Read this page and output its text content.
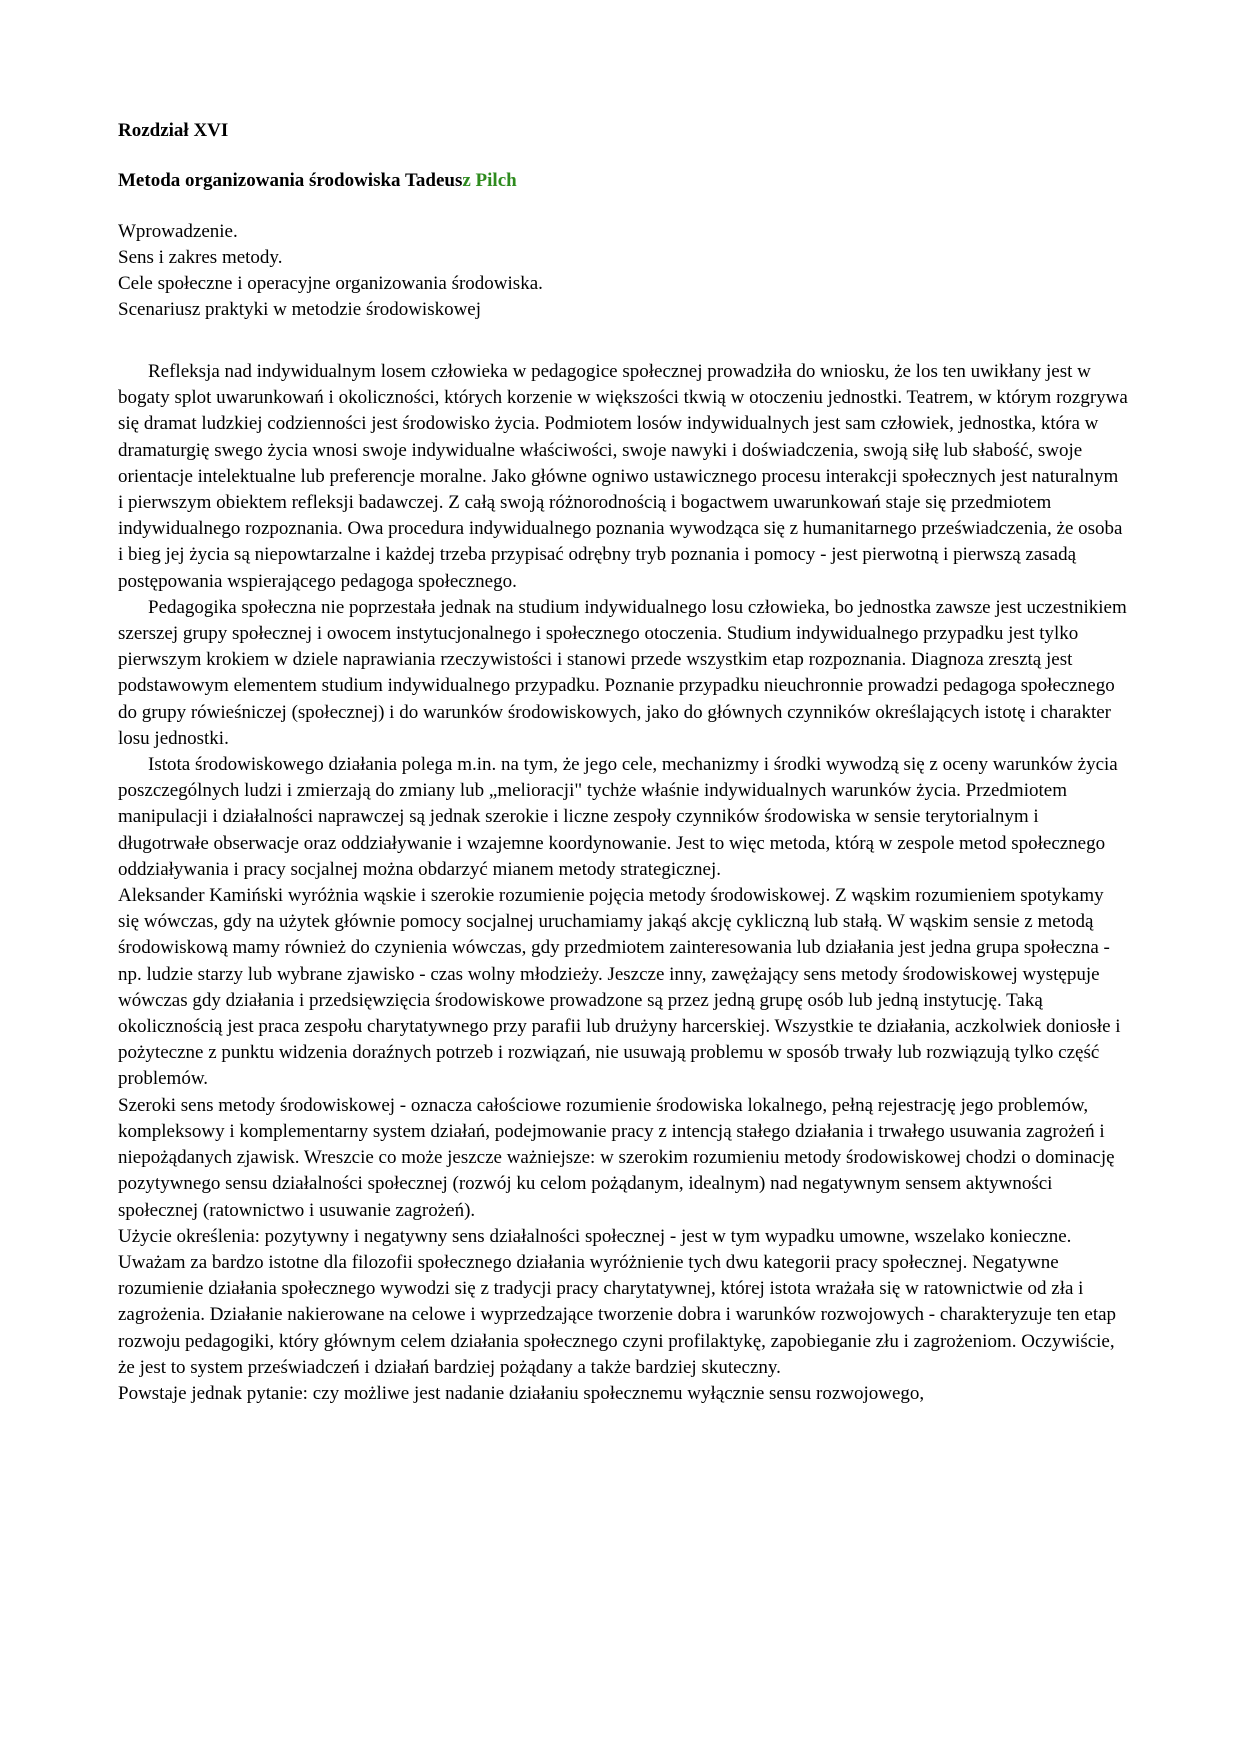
Rozdział XVI
Metoda organizowania środowiska Tadeusz Pilch
Wprowadzenie.
Sens i zakres metody.
Cele społeczne i operacyjne organizowania środowiska.
Scenariusz praktyki w metodzie środowiskowej

Refleksja nad indywidualnym losem człowieka w pedagogice społecznej prowadziła do wniosku, że los ten uwikłany jest w bogaty splot uwarunkowań i okoliczności, których korzenie w większości tkwią w otoczeniu jednostki. Teatrem, w którym rozgrywa się dramat ludzkiej codzienności jest środowisko życia. Podmiotem losów indywidualnych jest sam człowiek, jednostka, która w dramaturgię swego życia wnosi swoje indywidualne właściwości, swoje nawyki i doświadczenia, swoją siłę lub słabość, swoje orientacje intelektualne lub preferencje moralne. Jako główne ogniwo ustawicznego procesu interakcji społecznych jest naturalnym i pierwszym obiektem refleksji badawczej. Z całą swoją różnorodnością i bogactwem uwarunkowań staje się przedmiotem indywidualnego rozpoznania. Owa procedura indywidualnego poznania wywodząca się z humanitarnego przeświadczenia, że osoba i bieg jej życia są niepowtarzalne i każdej trzeba przypisać odrębny tryb poznania i pomocy - jest pierwotną i pierwszą zasadą postępowania wspierającego pedagoga społecznego.

Pedagogika społeczna nie poprzestała jednak na studium indywidualnego losu człowieka, bo jednostka zawsze jest uczestnikiem szerszej grupy społecznej i owocem instytucjonalnego i społecznego otoczenia. Studium indywidualnego przypadku jest tylko pierwszym krokiem w dziele naprawiania rzeczywistości i stanowi przede wszystkim etap rozpoznania. Diagnoza zresztą jest podstawowym elementem studium indywidualnego przypadku. Poznanie przypadku nieuchronnie prowadzi pedagoga społecznego do grupy rówieśniczej (społecznej) i do warunków środowiskowych, jako do głównych czynników określających istotę i charakter losu jednostki.

Istota środowiskowego działania polega m.in. na tym, że jego cele, mechanizmy i środki wywodzą się z oceny warunków życia poszczególnych ludzi i zmierzają do zmiany lub „melioracji" tychże właśnie indywidualnych warunków życia. Przedmiotem manipulacji i działalności naprawczej są jednak szerokie i liczne zespoły czynników środowiska w sensie terytorialnym i długotrwałe obserwacje oraz oddziaływanie i wzajemne koordynowanie. Jest to więc metoda, którą w zespole metod społecznego oddziaływania i pracy socjalnej można obdarzyć mianem metody strategicznej.

Aleksander Kamiński wyróżnia wąskie i szerokie rozumienie pojęcia metody środowiskowej. Z wąskim rozumieniem spotykamy się wówczas, gdy na użytek głównie pomocy socjalnej uruchamiamy jakąś akcję cykliczną lub stałą. W wąskim sensie z metodą środowiskową mamy również do czynienia wówczas, gdy przedmiotem zainteresowania lub działania jest jedna grupa społeczna - np. ludzie starzy lub wybrane zjawisko - czas wolny młodzieży. Jeszcze inny, zawężający sens metody środowiskowej występuje wówczas gdy działania i przedsięwzięcia środowiskowe prowadzone są przez jedną grupę osób lub jedną instytucję. Taką okolicznością jest praca zespołu charytatywnego przy parafii lub drużyny harcerskiej. Wszystkie te działania, aczkolwiek doniosłe i pożyteczne z punktu widzenia doraźnych potrzeb i rozwiązań, nie usuwają problemu w sposób trwały lub rozwiązują tylko część problemów.

Szeroki sens metody środowiskowej - oznacza całościowe rozumienie środowiska lokalnego, pełną rejestrację jego problemów, kompleksowy i komplementarny system działań, podejmowanie pracy z intencją stałego działania i trwałego usuwania zagrożeń i niepożądanych zjawisk. Wreszcie co może jeszcze ważniejsze: w szerokim rozumieniu metody środowiskowej chodzi o dominację pozytywnego sensu działalności społecznej (rozwój ku celom pożądanym, idealnym) nad negatywnym sensem aktywności społecznej (ratownictwo i usuwanie zagrożeń).

Użycie określenia: pozytywny i negatywny sens działalności społecznej - jest w tym wypadku umowne, wszelako konieczne. Uważam za bardzo istotne dla filozofii społecznego działania wyróżnienie tych dwu kategorii pracy społecznej. Negatywne rozumienie działania społecznego wywodzi się z tradycji pracy charytatywnej, której istota wrażała się w ratownictwie od zła i zagrożenia. Działanie nakierowane na celowe i wyprzedzające tworzenie dobra i warunków rozwojowych - charakteryzuje ten etap rozwoju pedagogiki, który głównym celem działania społecznego czyni profilaktykę, zapobieganie złu i zagrożeniom. Oczywiście, że jest to system przeświadczeń i działań bardziej pożądany a także bardziej skuteczny.

Powstaje jednak pytanie: czy możliwe jest nadanie działaniu społecznemu wyłącznie sensu rozwojowego,
